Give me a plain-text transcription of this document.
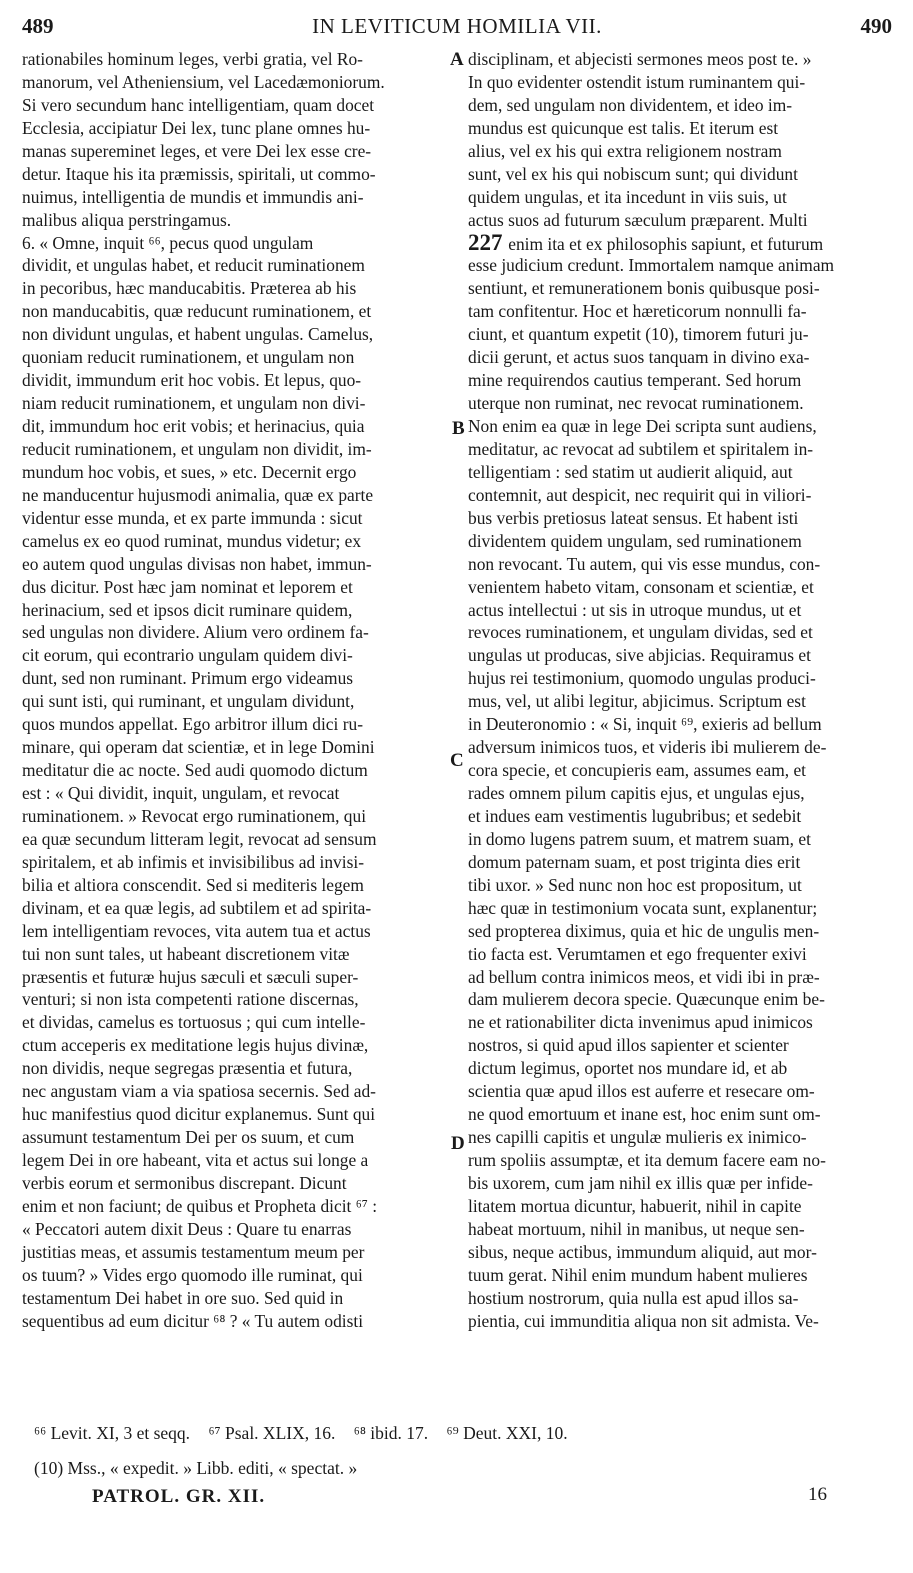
489	IN LEVITICUM HOMILIA VII.	490
rationabiles hominum leges, verbi gratia, vel Ro-
manorum, vel Atheniensium, vel Lacedæmoniorum.
Si vero secundum hanc intelligentiam, quam docet
Ecclesia, accipiatur Dei lex, tunc plane omnes hu-
manas supereminet leges, et vere Dei lex esse cre-
detur. Itaque his ita præmissis, spiritali, ut commo-
nuimus, intelligentia de mundis et immundis ani-
malibus aliqua perstringamus.
6. « Omne, inquit ⁶⁶, pecus quod ungulam
dividit, et ungulas habet, et reducit ruminationem
in pecoribus, hæc manducabitis. Præterea ab his
non manducabitis, quæ reducunt ruminationem, et
non dividunt ungulas, et habent ungulas. Camelus,
quoniam reducit ruminationem, et ungulam non
dividit, immundum erit hoc vobis. Et lepus, quo-
niam reducit ruminationem, et ungulam non divi-
dit, immundum hoc erit vobis; et herinacius, quia
reducit ruminationem, et ungulam non dividit, im-
mundum hoc vobis, et sues, » etc. Decernit ergo
ne manducentur hujusmodi animalia, quæ ex parte
videntur esse munda, et ex parte immunda : sicut
camelus ex eo quod ruminat, mundus videtur; ex
eo autem quod ungulas divisas non habet, immun-
dus dicitur. Post hæc jam nominat et leporem et
herinacium, sed et ipsos dicit ruminare quidem,
sed ungulas non dividere. Alium vero ordinem fa-
cit eorum, qui econtrario ungulam quidem divi-
dunt, sed non ruminant. Primum ergo videamus
qui sunt isti, qui ruminant, et ungulam dividunt,
quos mundos appellat. Ego arbitror illum dici ru-
minare, qui operam dat scientiæ, et in lege Domini
meditatur die ac nocte. Sed audi quomodo dictum
est : « Qui dividit, inquit, ungulam, et revocat
ruminationem. » Revocat ergo ruminationem, qui
ea quæ secundum litteram legit, revocat ad sensum
spiritalem, et ab infimis et invisibilibus ad invisi-
bilia et altiora conscendit. Sed si mediteris legem
divinam, et ea quæ legis, ad subtilem et ad spirita-
lem intelligentiam revoces, vita autem tua et actus
tui non sunt tales, ut habeant discretionem vitæ
præsentis et futuræ hujus sæculi et sæculi super-
venturi; si non ista competenti ratione discernas,
et dividas, camelus es tortuosus ; qui cum intelle-
ctum acceperis ex meditatione legis hujus divinæ,
non dividis, neque segregas præsentia et futura,
nec angustam viam a via spatiosa secernis. Sed ad-
huc manifestius quod dicitur explanemus. Sunt qui
assumunt testamentum Dei per os suum, et cum
legem Dei in ore habeant, vita et actus sui longe a
verbis eorum et sermonibus discrepant. Dicunt
enim et non faciunt; de quibus et Propheta dicit ⁶⁷ :
« Peccatori autem dixit Deus : Quare tu enarras
justitias meas, et assumis testamentum meum per
os tuum? » Vides ergo quomodo ille ruminat, qui
testamentum Dei habet in ore suo. Sed quid in
sequentibus ad eum dicitur ⁶⁸ ? « Tu autem odisti
disciplinam, et abjecisti sermones meos post te. »
In quo evidenter ostendit istum ruminantem qui-
dem, sed ungulam non dividentem, et ideo im-
mundus est quicunque est talis. Et iterum est
alius, vel ex his qui extra religionem nostram
sunt, vel ex his qui nobiscum sunt; qui dividunt
quidem ungulas, et ita incedunt in viis suis, ut
actus suos ad futurum sæculum præparent. Multi
227 enim ita et ex philosophis sapiunt, et futurum
esse judicium credunt. Immortalem namque animam
sentiunt, et remunerationem bonis quibusque posi-
tam confitentur. Hoc et hæreticorum nonnulli fa-
ciunt, et quantum expetit (10), timorem futuri ju-
dicii gerunt, et actus suos tanquam in divino exa-
mine requirendos cautius temperant. Sed horum
uterque non ruminat, nec revocat ruminationem.
Non enim ea quæ in lege Dei scripta sunt audiens,
meditatur, ac revocat ad subtilem et spiritalem in-
telligentiam : sed statim ut audierit aliquid, aut
contemnit, aut despicit, nec requirit qui in viliori-
bus verbis pretiosus lateat sensus. Et habent isti
dividentem quidem ungulam, sed ruminationem
non revocant. Tu autem, qui vis esse mundus, con-
venientem habeto vitam, consonam et scientiæ, et
actus intellectui : ut sis in utroque mundus, ut et
revoces ruminationem, et ungulam dividas, sed et
ungulas ut producas, sive abjicias. Requiramus et
hujus rei testimonium, quomodo ungulas produci-
mus, vel, ut alibi legitur, abjicimus. Scriptum est
in Deuteronomio : « Si, inquit ⁶⁹, exieris ad bellum
adversum inimicos tuos, et videris ibi mulierem de-
cora specie, et concupieris eam, assumes eam, et
rades omnem pilum capitis ejus, et ungulas ejus,
et indues eam vestimentis lugubribus; et sedebit
in domo lugens patrem suum, et matrem suam, et
domum paternam suam, et post triginta dies erit
tibi uxor. » Sed nunc non hoc est propositum, ut
hæc quæ in testimonium vocata sunt, explanentur;
sed propterea diximus, quia et hic de ungulis men-
tio facta est. Verumtamen et ego frequenter exivi
ad bellum contra inimicos meos, et vidi ibi in præ-
dam mulierem decora specie. Quæcunque enim be-
ne et rationabiliter dicta invenimus apud inimicos
nostros, si quid apud illos sapienter et scienter
dictum legimus, oportet nos mundare id, et ab
scientia quæ apud illos est auferre et resecare om-
ne quod emortuum et inane est, hoc enim sunt om-
nes capilli capitis et ungulæ mulieris ex inimico-
rum spoliis assumptæ, et ita demum facere eam no-
bis uxorem, cum jam nihil ex illis quæ per infide-
litatem mortua dicuntur, habuerit, nihil in capite
habeat mortuum, nihil in manibus, ut neque sen-
sibus, neque actibus, immundum aliquid, aut mor-
tuum gerat. Nihil enim mundum habent mulieres
hostium nostrorum, quia nulla est apud illos sa-
pientia, cui immunditia aliqua non sit admista. Ve-
A
B
C
D
⁶⁶ Levit. XI, 3 et seqq. ⁶⁷ Psal. XLIX, 16. ⁶⁸ ibid. 17. ⁶⁹ Deut. XXI, 10.
(10) Mss., « expedit. » Libb. editi, « spectat. »
PATROL. GR. XII.	16
